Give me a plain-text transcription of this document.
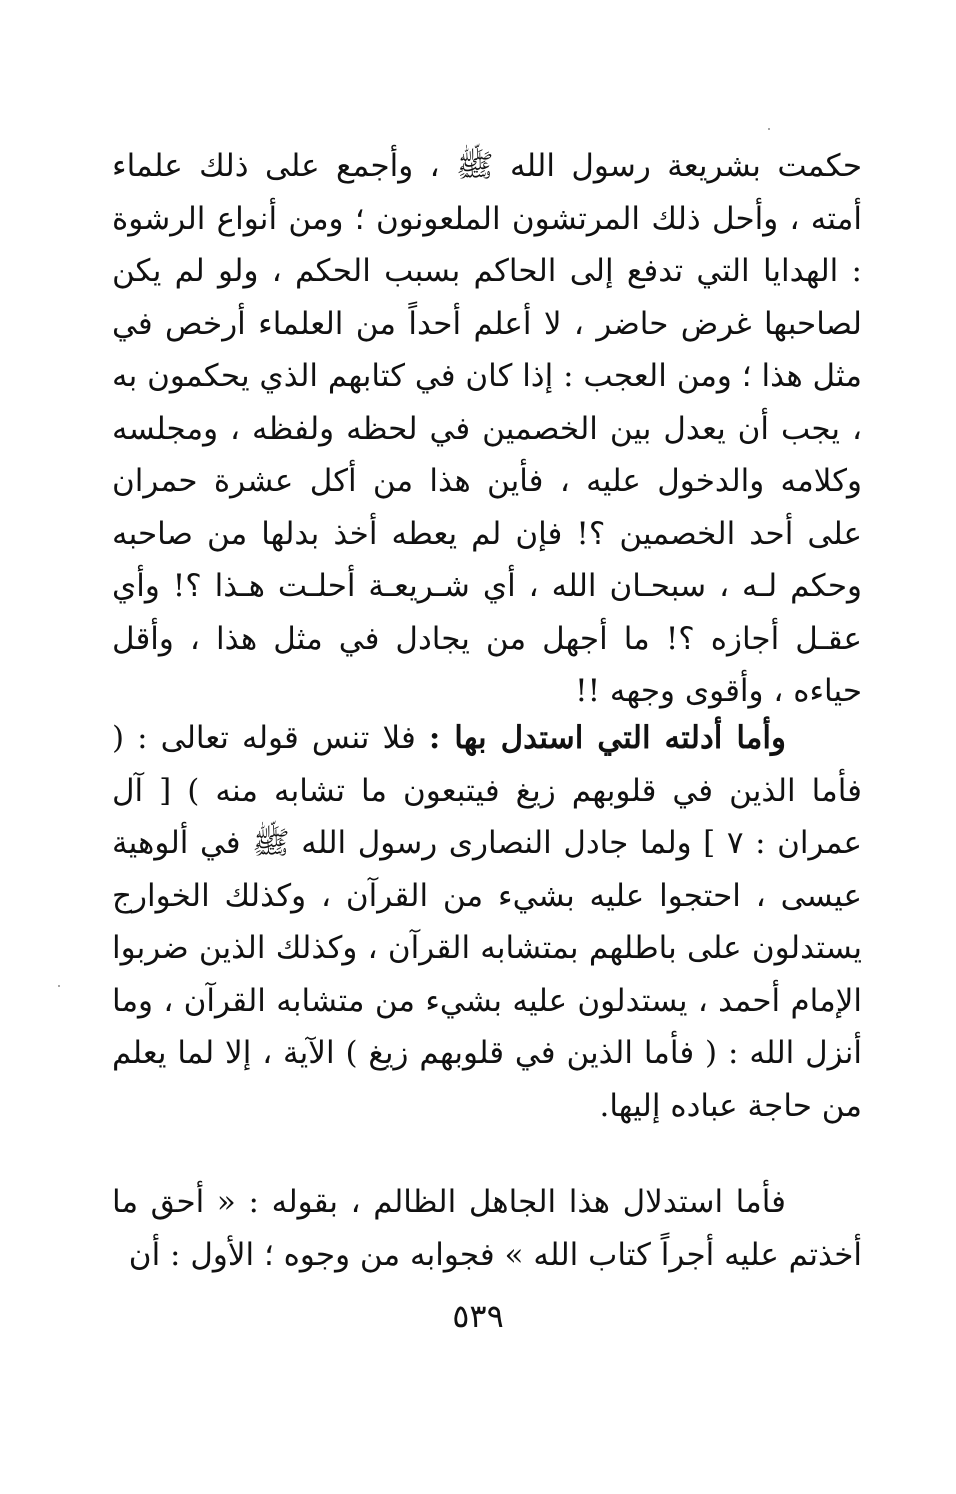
حكمت بشريعة رسول الله ﷺ ، وأجمع على ذلك علماء أمته ، وأحل ذلك المرتشون الملعونون ؛ ومن أنواع الرشوة : الهدايا التي تدفع إلى الحاكم بسبب الحكم ، ولو لم يكن لصاحبها غرض حاضر ، لا أعلم أحداً من العلماء أرخص في مثل هذا ؛ ومن العجب : إذا كان في كتابهم الذي يحكمون به ، يجب أن يعدل بين الخصمين في لحظه ولفظه ، ومجلسه وكلامه والدخول عليه ، فأين هذا من أكل عشرة حمران على أحد الخصمين ؟! فإن لم يعطه أخذ بدلها من صاحبه وحكم لـه ، سبحـان الله ، أي شـريعـة أحلـت هـذا ؟! وأي عقـل أجازه ؟! ما أجهل من يجادل في مثل هذا ، وأقل حياءه ، وأقوى وجهه !!

وأما أدلته التي استدل بها : فلا تنس قوله تعالى : ( فأما الذين في قلوبهم زيغ فيتبعون ما تشابه منه ) [ آل عمران : ٧ ] ولما جادل النصارى رسول الله ﷺ في ألوهية عيسى ، احتجوا عليه بشيء من القرآن ، وكذلك الخوارج يستدلون على باطلهم بمتشابه القرآن ، وكذلك الذين ضربوا الإمام أحمد ، يستدلون عليه بشيء من متشابه القرآن ، وما أنزل الله : ( فأما الذين في قلوبهم زيغ ) الآية ، إلا لما يعلم من حاجة عباده إليها.

فأما استدلال هذا الجاهل الظالم ، بقوله : « أحق ما أخذتم عليه أجراً كتاب الله » فجوابه من وجوه ؛ الأول : أن

٥٣٩
